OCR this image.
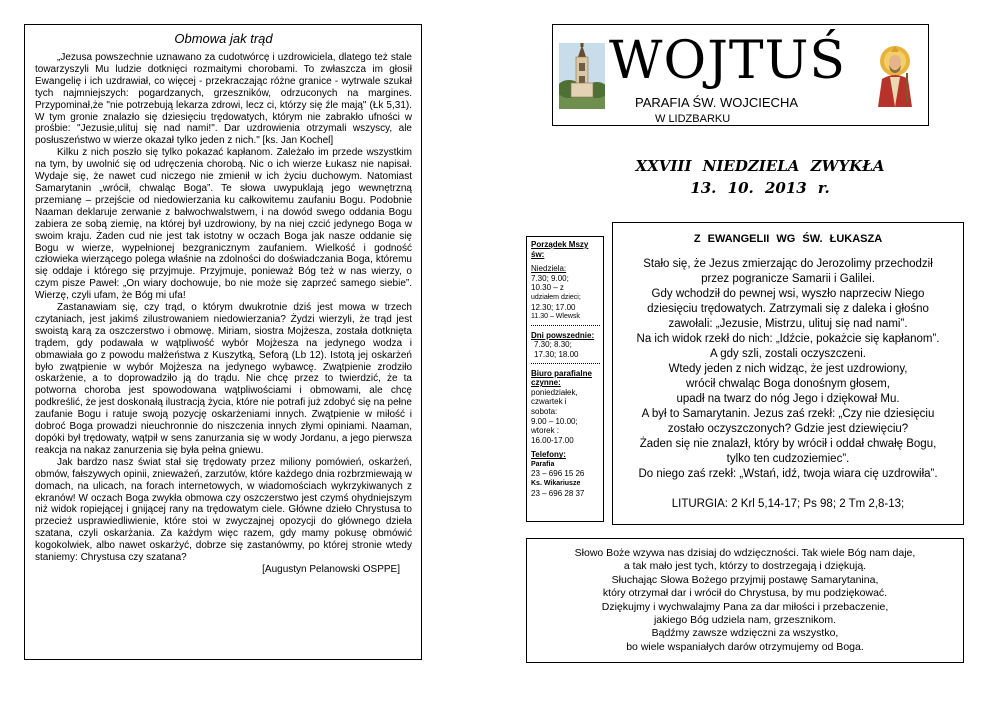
Obmowa jak trąd

„Jezusa powszechnie uznawano za cudotwórcę i uzdrowiciela, dlatego też stale towarzyszyli Mu ludzie dotknięci rozmaitymi chorobami. To zwłaszcza im głosił Ewangelię i ich uzdrawiał, co więcej - przekraczając różne granice - wytrwale szukał tych najmniejszych: pogardzanych, grzeszników, odrzuconych na margines. Przypominał,że "nie potrzebują lekarza zdrowi, lecz ci, którzy się źle mają" (Łk 5,31). W tym gronie znalazło się dziesięciu trędowatych, którym nie zabrakło ufności w prośbie: "Jezusie,ulituj się nad nami!". Dar uzdrowienia otrzymali wszyscy, ale posłuszeństwo w wierze okazał tylko jeden z nich." [ks. Jan Kochel]

Kilku z nich poszło się tylko pokazać kapłanom. Zależało im przede wszystkim na tym, by uwolnić się od udręczenia chorobą. Nic o ich wierze Łukasz nie napisał. Wydaje się, że nawet cud niczego nie zmienił w ich życiu duchowym. Natomiast Samarytanin „wrócił, chwaląc Boga”. Te słowa uwypuklają jego wewnętrzną przemianę – przejście od niedowierzania ku całkowitemu zaufaniu Bogu. Podobnie Naaman deklaruje zerwanie z bałwochwalstwem, i na dowód swego oddania Bogu zabiera ze sobą ziemię, na której był uzdrowiony, by na niej czcić jedynego Boga w swoim kraju. Żaden cud nie jest tak istotny w oczach Boga jak nasze oddanie się Bogu w wierze, wypełnionej bezgranicznym zaufaniem. Wielkość i godność człowieka wierzącego polega właśnie na zdolności do doświadczania Boga, któremu się oddaje i którego się przyjmuje. Przyjmuje, ponieważ Bóg też w nas wierzy, o czym pisze Paweł: „On wiary dochowuje, bo nie może się zaprzeć samego siebie”. Wierzę, czyli ufam, że Bóg mi ufa!

Zastanawiam się, czy trąd, o którym dwukrotnie dziś jest mowa w trzech czytaniach, jest jakimś zilustrowaniem niedowierzania? Żydzi wierzyli, że trąd jest swoistą karą za oszczerstwo i obmowę. Miriam, siostra Mojżesza, została dotknięta trądem, gdy podawała w wątpliwość wybór Mojżesza na jedynego wodza i obmawiała go z powodu małżeństwa z Kuszytką, Seforą (Lb 12). Istotą jej oskarżeń było zwątpienie w wybór Mojżesza na jedynego wybawcę. Zwątpienie zrodziło oskarżenie, a to doprowadziło ją do trądu. Nie chcę przez to twierdzić, że ta potworna choroba jest spowodowana wątpliwościami i obmowami, ale chcę podkreślić, że jest doskonałą ilustracją życia, które nie potrafi już zdobyć się na pełne zaufanie Bogu i ratuje swoją pozycję oskarżeniami innych. Zwątpienie w miłość i dobroć Boga prowadzi nieuchronnie do niszczenia innych złymi opiniami. Naaman, dopóki był trędowaty, wątpił w sens zanurzania się w wody Jordanu, a jego pierwsza reakcja na nakaz zanurzenia się była pełna gniewu.

Jak bardzo nasz świat stał się trędowaty przez miliony pomówień, oskarżeń, obmów, fałszywych opinii, znieważeń, zarzutów, które każdego dnia rozbrzmiewają w domach, na ulicach, na forach internetowych, w wiadomościach wykrzykiwanych z ekranów! W oczach Boga zwykła obmowa czy oszczerstwo jest czymś ohydniejszym niż widok ropiejącej i gnijącej rany na trędowatym ciele. Główne dzieło Chrystusa to przecież usprawiedliwienie, które stoi w zwyczajnej opozycji do głównego dzieła szatana, czyli oskarżania. Za każdym więc razem, gdy mamy pokusę obmówić kogokolwiek, albo nawet oskarżyć, dobrze się zastanówmy, po której stronie wtedy staniemy: Chrystusa czy szatana?

[Augustyn Pelanowski OSPPE]
WOJTUŚ
PARAFIA ŚW. WOJCIECHA
W LIDZBARKU
XXVIII NIEDZIELA ZWYKŁA
13. 10. 2013 r.
Porządek Mszy św:
Niedziela:
7.30; 9.00;
10.30 – z
udziałem dzieci;
12.30; 17.00
11.30 – Wlewsk
Dni powszednie:
7.30; 8.30;
17.30; 18.00
Biuro parafialne czynne:
poniedziałek,
czwartek i
sobota:
9.00 – 10.00;
wtorek :
16.00-17.00
Telefony:
Parafia
23 – 696 15 26
Ks. Wikariusze
23 – 696 28 37
Z EWANGELII WG ŚW. ŁUKASZA
Stało się, że Jezus zmierzając do Jerozolimy przechodził
przez pogranicze Samarii i Galilei.
Gdy wchodził do pewnej wsi, wyszło naprzeciw Niego
dziesięciu trędowatych. Zatrzymali się z daleka i głośno
zawołali: „Jezusie, Mistrzu, ulituj się nad nami”.
Na ich widok rzekł do nich: „Idźcie, pokażcie się kapłanom”.
A gdy szli, zostali oczyszczeni.
Wtedy jeden z nich widząc, że jest uzdrowiony,
wrócił chwaląc Boga donośnym głosem,
upadł na twarz do nóg Jego i dziękował Mu.
A był to Samarytanin. Jezus zaś rzekł: „Czy nie dziesięciu
zostało oczyszczonych? Gdzie jest dziewięciu?
Żaden się nie znalazł, który by wrócił i oddał chwałę Bogu,
tylko ten cudzoziemiec”.
Do niego zaś rzekł: „Wstań, idź, twoja wiara cię uzdrowiła”.
LITURGIA: 2 Krl 5,14-17; Ps 98; 2 Tm 2,8-13;
Słowo Boże wzywa nas dzisiaj do wdzięczności. Tak wiele Bóg nam daje,
a tak mało jest tych, którzy to dostrzegają i dziękują.
Słuchając Słowa Bożego przyjmij postawę Samarytanina,
który otrzymał dar i wrócił do Chrystusa, by mu podziękować.
Dziękujmy i wychwalajmy Pana za dar miłości i przebaczenie,
jakiego Bóg udziela nam, grzesznikom.
Bądźmy zawsze wdzięczni za wszystko,
bo wiele wspaniałych darów otrzymujemy od Boga.
